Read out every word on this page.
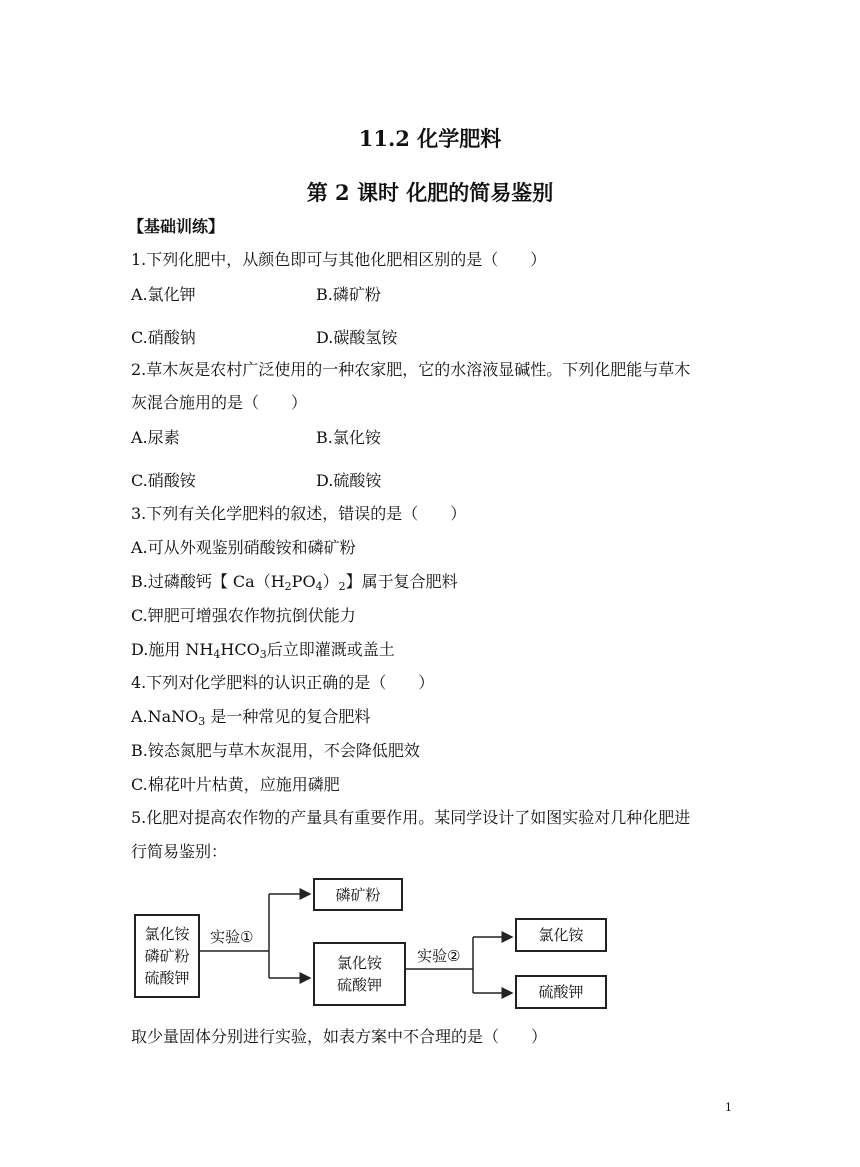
11.2 化学肥料
第 2 课时 化肥的简易鉴别
【基础训练】
1.下列化肥中，从颜色即可与其他化肥相区别的是（　　）
A.氯化钾	B.磷矿粉
C.硝酸钠	D.碳酸氢铵
2.草木灰是农村广泛使用的一种农家肥，它的水溶液显碱性。下列化肥能与草木
灰混合施用的是（　　）
A.尿素	B.氯化铵
C.硝酸铵	D.硫酸铵
3.下列有关化学肥料的叙述，错误的是（　　）
A.可从外观鉴别硝酸铵和磷矿粉
B.过磷酸钙【 $Ca(H_2PO_4)_2$】属于复合肥料
C.钾肥可增强农作物抗倒伏能力
D.施用 $NH_4HCO_3$后立即灌溉或盖土
4.下列对化学肥料的认识正确的是（　　）
A.NaNO$_3$ 是一种常见的复合肥料
B.铵态氮肥与草木灰混用，不会降低肥效
C.棉花叶片枯黄，应施用磷肥
5.化肥对提高农作物的产量具有重要作用。某同学设计了如图实验对几种化肥进
行简易鉴别：
氯化铵
磷矿粉
硫酸钾
实验①
磷矿粉
氯化铵
硫酸钾
实验②
氯化铵
硫酸钾
取少量固体分别进行实验，如表方案中不合理的是（　　）
1
